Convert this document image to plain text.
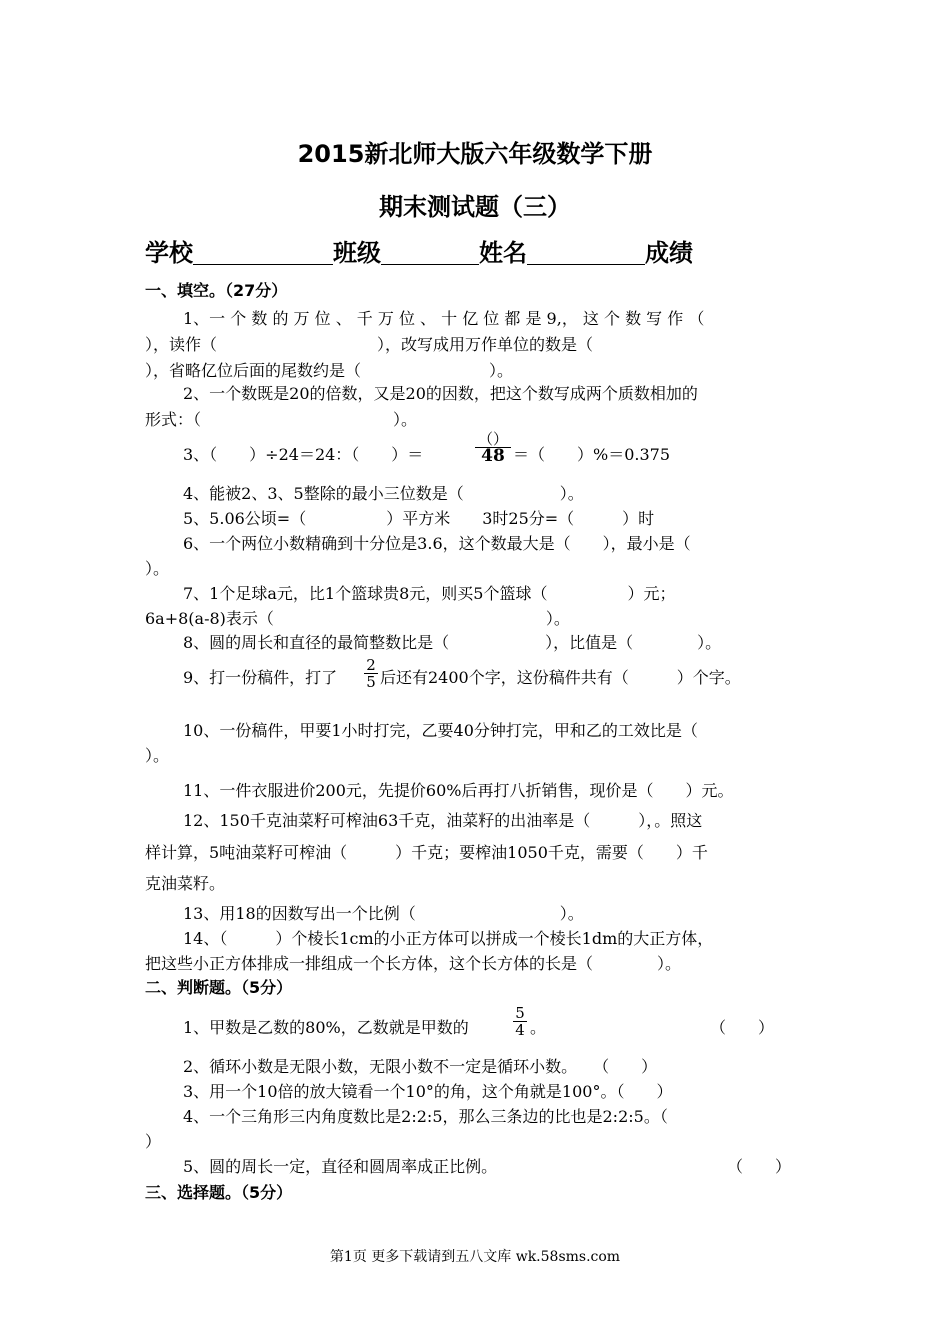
2015新北师大版六年级数学下册
期末测试题（三）
学校	班级	姓名	成绩
一、填空。（27分）
1、一 个 数 的 万 位 、 千 万 位 、 十 亿 位 都 是 9,， 这 个 数 写 作 （
），读作（　　　　　　　　　　），改写成用万作单位的数是（
），省略亿位后面的尾数约是（　　　　　　　　）。
2、一个数既是20的倍数，又是20的因数，把这个数写成两个质数相加的
形式：（　　　　　　　　　　　　）。
3、（　　）÷24＝24：（　　）＝
（）
48 ＝（　　）%＝0.375
4、能被2、3、5整除的最小三位数是（　　　　　　）。
5、5.06公顷=（　　　　　）平方米　　3时25分=（　　　）时
6、一个两位小数精确到十分位是3.6，这个数最大是（　　），最小是（
）。
7、1个足球a元，比1个篮球贵8元，则买5个篮球（　　　　　）元；
6a+8(a-8)表示（　　　　　　　　　　　　　　　　　）。
8、圆的周长和直径的最简整数比是（　　　　　　），比值是（　　　　）。
9、打一份稿件，打了 $\frac{2}{5}$ 后还有2400个字，这份稿件共有（　　　）个字。
10、一份稿件，甲要1小时打完，乙要40分钟打完，甲和乙的工效比是（
）。
11、一件衣服进价200元，先提价60%后再打八折销售，现价是（　　）元。
12、150千克油菜籽可榨油63千克，油菜籽的出油率是（　　　），。照这
样计算，5吨油菜籽可榨油（　　　）千克；要榨油1050千克，需要（　　）千
克油菜籽。
13、用18的因数写出一个比例（　　　　　　　　　）。
14、（　　　）个棱长1cm的小正方体可以拼成一个棱长1dm的大正方体，
把这些小正方体排成一排组成一个长方体，这个长方体的长是（　　　　）。
二、判断题。（5分）
1、甲数是乙数的80%，乙数就是甲数的	$\frac{5}{4}$ 。	（　　）
2、循环小数是无限小数，无限小数不一定是循环小数。　　（　　）
3、用一个10倍的放大镜看一个10°的角，这个角就是100°。（　　）
4、一个三角形三内角度数比是2:2:5，那么三条边的比也是2:2:5。（
）
5、圆的周长一定，直径和圆周率成正比例。	（　　）
三、选择题。（5分）
第1页 更多下载请到五八文库 wk.58sms.com
